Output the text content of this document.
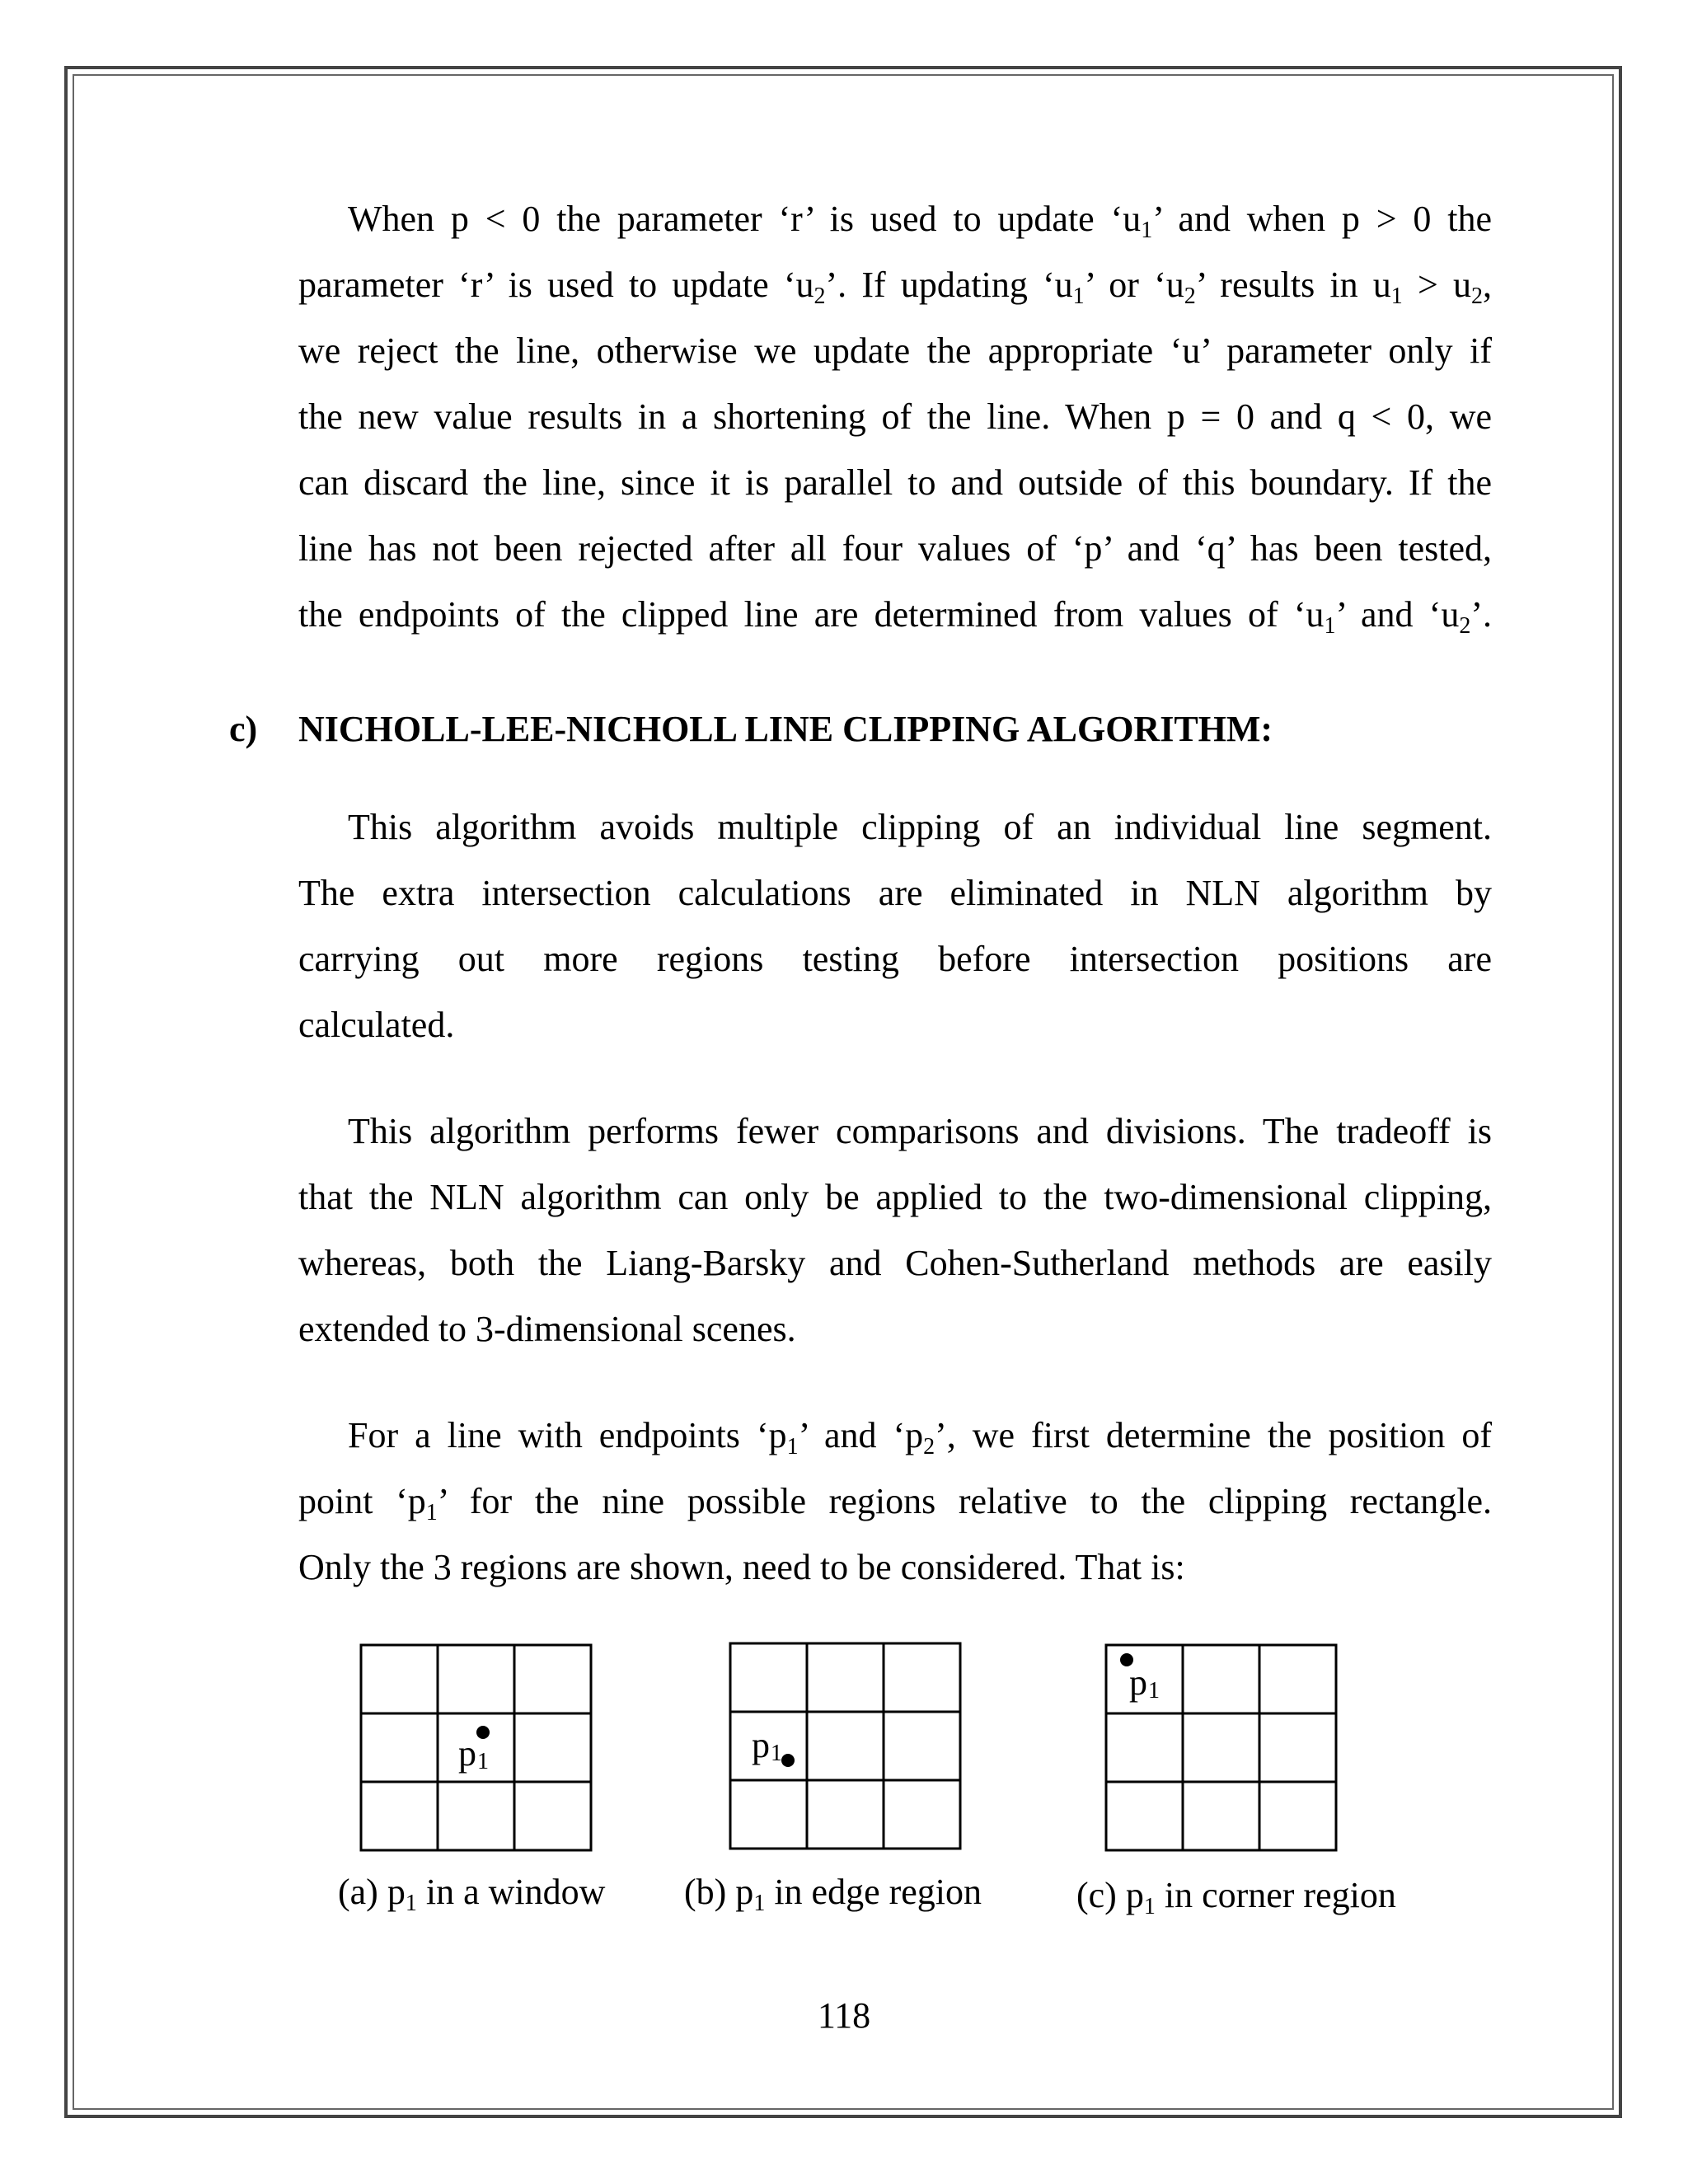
When p < 0 the parameter ‘r’ is used to update ‘$u_1$’ and when p > 0 the

parameter ‘r’ is used to update ‘$u_2$’. If updating ‘$u_1$’ or ‘$u_2$’ results in $u_1 > u_2$,

we reject the line, otherwise we update the appropriate ‘u’ parameter only if

the new value results in a shortening of the line. When p = 0 and q < 0, we

can discard the line, since it is parallel to and outside of this boundary. If the

line has not been rejected after all four values of ‘p’ and ‘q’ has been tested,

the endpoints of the clipped line are determined from values of ‘$u_1$’ and ‘$u_2$’.

c) NICHOLL-LEE-NICHOLL LINE CLIPPING ALGORITHM:

This algorithm avoids multiple clipping of an individual line segment.

The extra intersection calculations are eliminated in NLN algorithm by

carrying out more regions testing before intersection positions are

calculated.

This algorithm performs fewer comparisons and divisions. The tradeoff is

that the NLN algorithm can only be applied to the two-dimensional clipping,

whereas, both the Liang-Barsky and Cohen-Sutherland methods are easily

extended to 3-dimensional scenes.

For a line with endpoints ‘$p_1$’ and ‘$p_2$’, we first determine the position of

point ‘$p_1$’ for the nine possible regions relative to the clipping rectangle.

Only the 3 regions are shown, need to be considered. That is:

p 1	p 1
p 1
(a) $p_1$ in a window (b) $p_1$ in edge region	(c) $p_1$ in corner region
118
